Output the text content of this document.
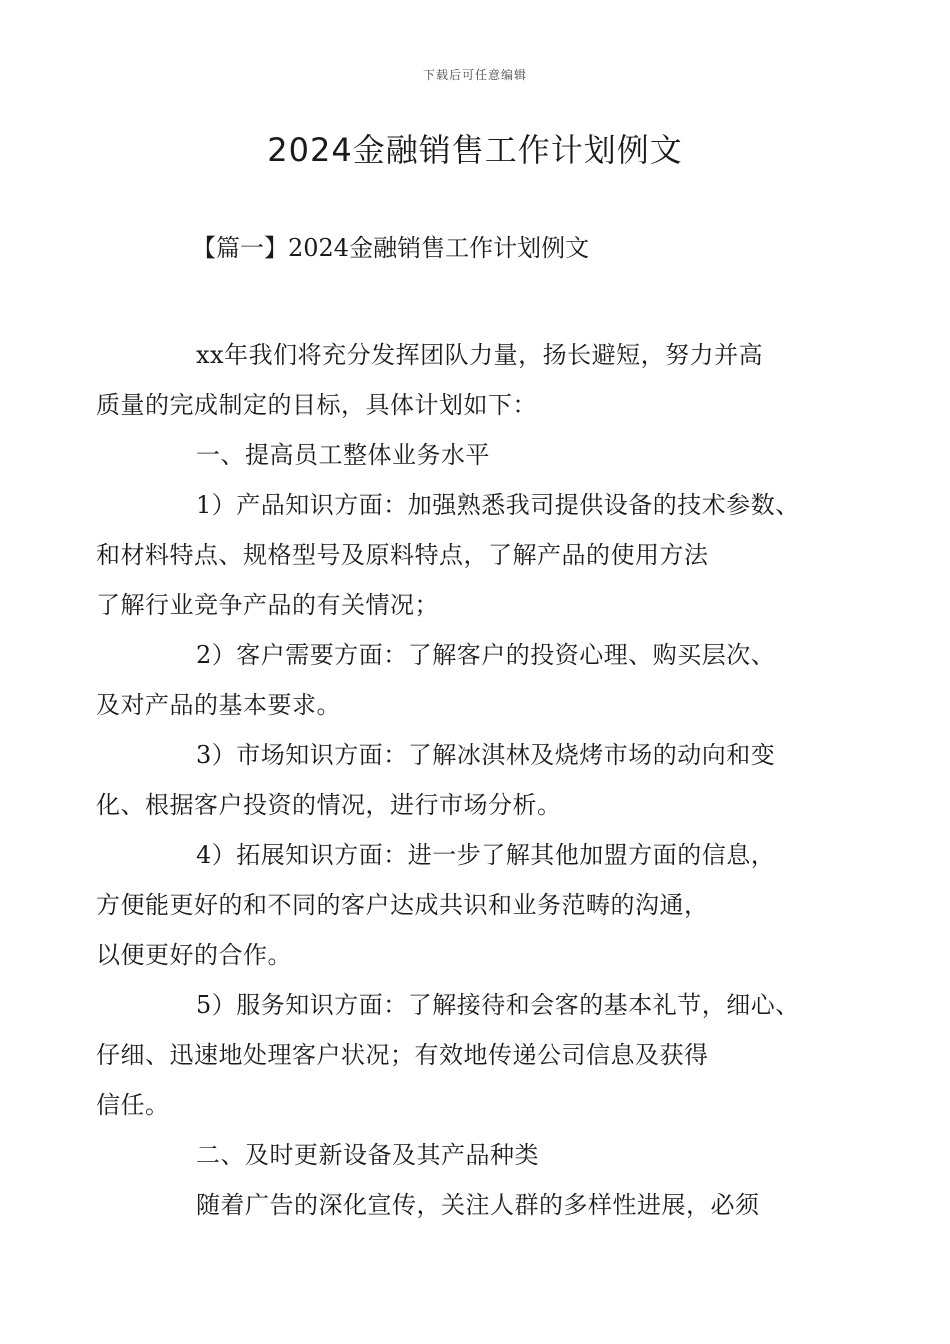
下载后可任意编辑
2024金融销售工作计划例文
【篇一】2024金融销售工作计划例文

xx年我们将充分发挥团队力量，扬长避短，努力并高
质量的完成制定的目标，具体计划如下：

一、提高员工整体业务水平

1）产品知识方面：加强熟悉我司提供设备的技术参数、
和材料特点、规格型号及原料特点，了解产品的使用方法
了解行业竞争产品的有关情况；

2）客户需要方面：了解客户的投资心理、购买层次、
及对产品的基本要求。

3）市场知识方面：了解冰淇林及烧烤市场的动向和变
化、根据客户投资的情况，进行市场分析。

4）拓展知识方面：进一步了解其他加盟方面的信息，
方便能更好的和不同的客户达成共识和业务范畴的沟通，
以便更好的合作。

5）服务知识方面：了解接待和会客的基本礼节，细心、
仔细、迅速地处理客户状况；有效地传递公司信息及获得
信任。

二、及时更新设备及其产品种类

随着广告的深化宣传，关注人群的多样性进展，必须
